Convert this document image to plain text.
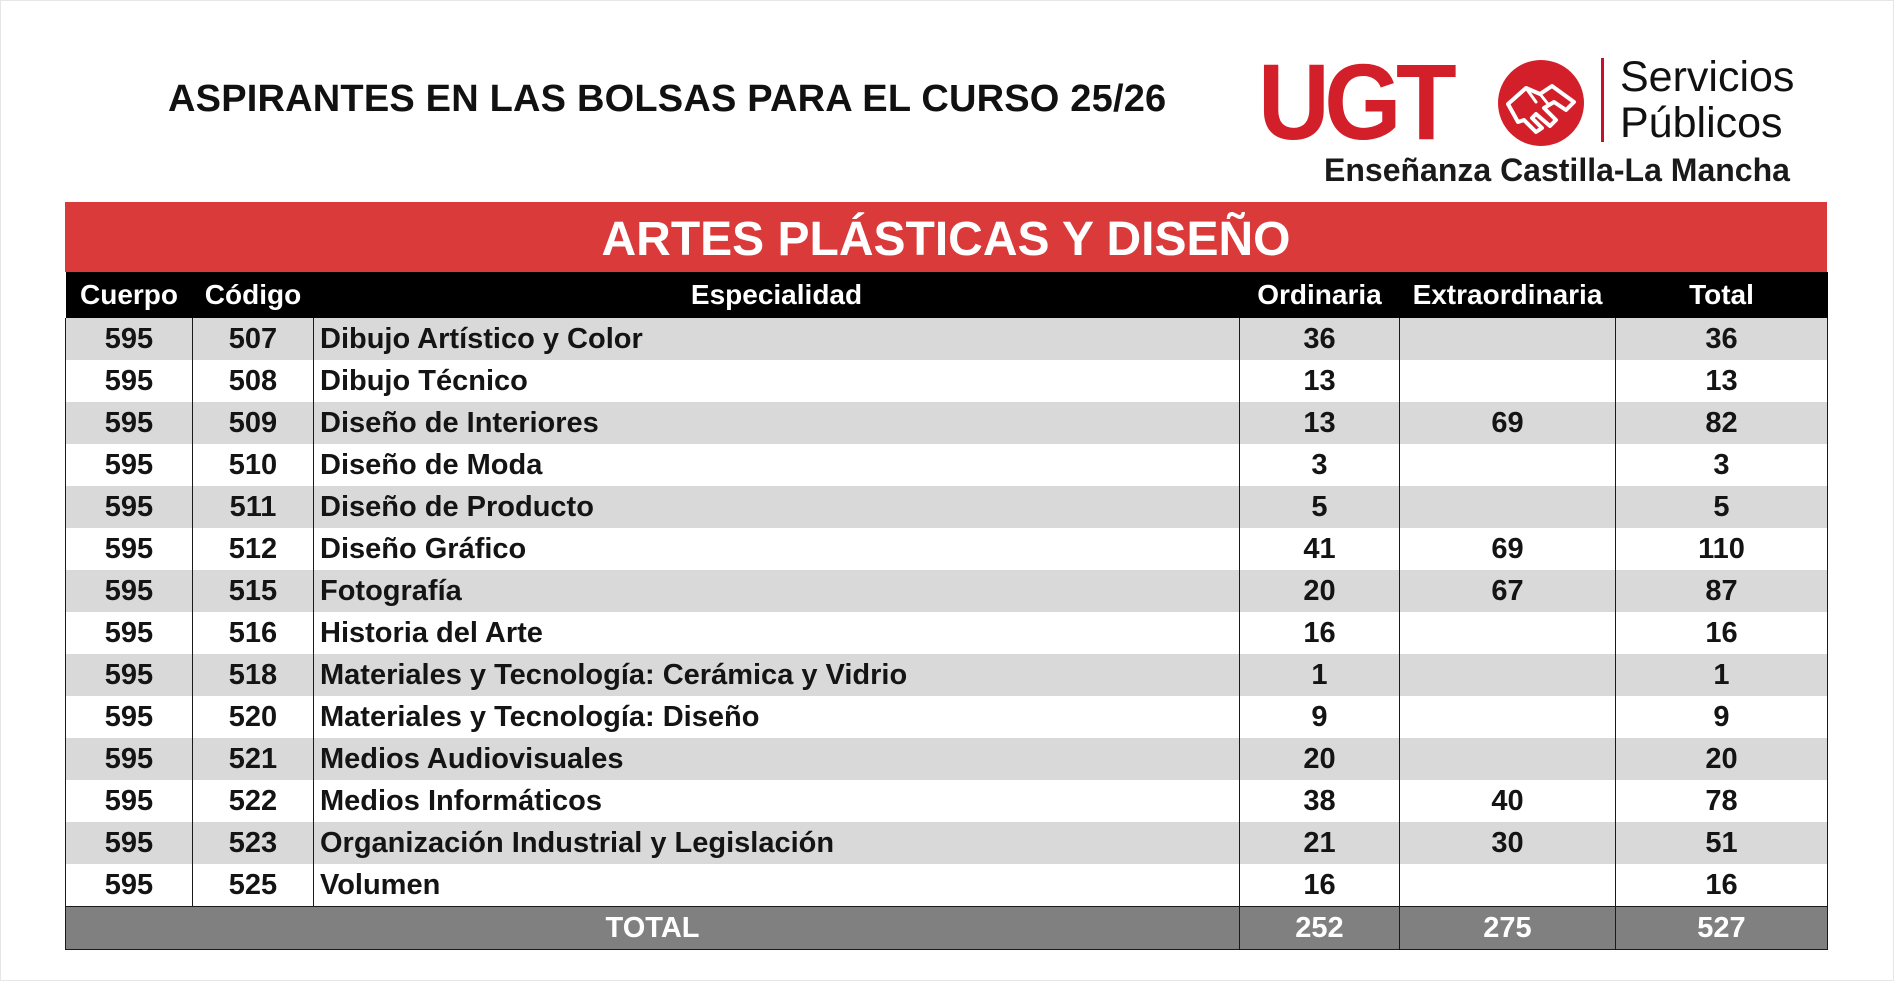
ASPIRANTES EN LAS BOLSAS PARA EL CURSO 25/26 UGT	Servicios
Públicos
Enseñanza Castilla-La Mancha
ARTES PLÁSTICAS Y DISEÑO
Cuerpo	Código	Especialidad	Ordinaria	Extraordinaria	Total
595	507	Dibujo Artístico y Color	36		36
595	508	Dibujo Técnico	13		13
595	509	Diseño de Interiores	13	69	82
595	510	Diseño de Moda	3		3
595	511	Diseño de Producto	5		5
595	512	Diseño Gráfico	41	69	110
595	515	Fotografía	20	67	87
595	516	Historia del Arte	16		16
595	518	Materiales y Tecnología: Cerámica y Vidrio	1		1
595	520	Materiales y Tecnología: Diseño	9		9
595	521	Medios Audiovisuales	20		20
595	522	Medios Informáticos	38	40	78
595	523	Organización Industrial y Legislación	21	30	51
595	525	Volumen	16		16
TOTAL			252	275	527
